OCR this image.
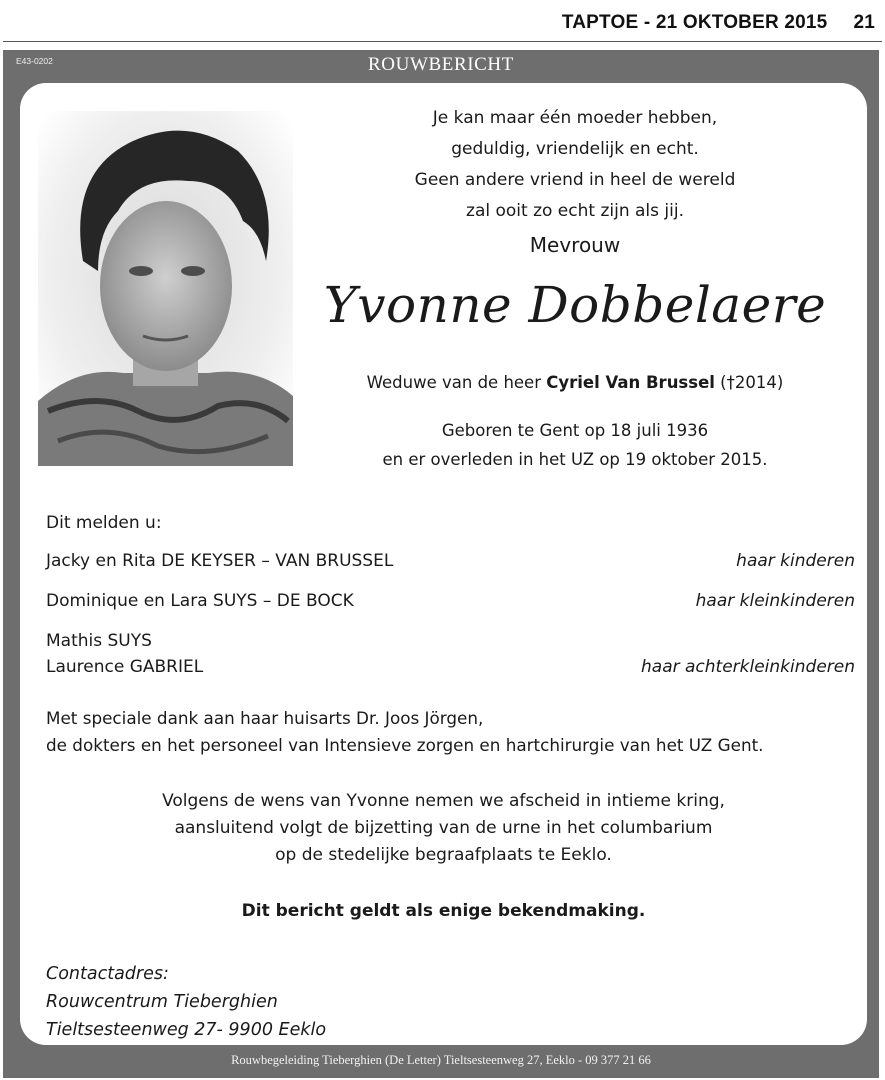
TAPTOE - 21 OKTOBER 2015 21
E43-0202	ROUWBERICHT
Je kan maar één moeder hebben,
geduldig, vriendelijk en echt.
Geen andere vriend in heel de wereld
zal ooit zo echt zijn als jij.
Mevrouw
Yvonne Dobbelaere
Weduwe van de heer Cyriel Van Brussel (†2014)
Geboren te Gent op 18 juli 1936
en er overleden in het UZ op 19 oktober 2015.
Dit melden u:
Jacky en Rita DE KEYSER – VAN BRUSSEL	haar kinderen
Dominique en Lara SUYS – DE BOCK	haar kleinkinderen
Mathis SUYS
Laurence GABRIEL	haar achterkleinkinderen
Met speciale dank aan haar huisarts Dr. Joos Jörgen,
de dokters en het personeel van Intensieve zorgen en hartchirurgie van het UZ Gent.
Volgens de wens van Yvonne nemen we afscheid in intieme kring,
aansluitend volgt de bijzetting van de urne in het columbarium
op de stedelijke begraafplaats te Eeklo.
Dit bericht geldt als enige bekendmaking.
Contactadres:
Rouwcentrum Tieberghien
Tieltsesteenweg 27- 9900 Eeklo
Rouwbegeleiding Tieberghien (De Letter) Tieltsesteenweg 27, Eeklo - 09 377 21 66
